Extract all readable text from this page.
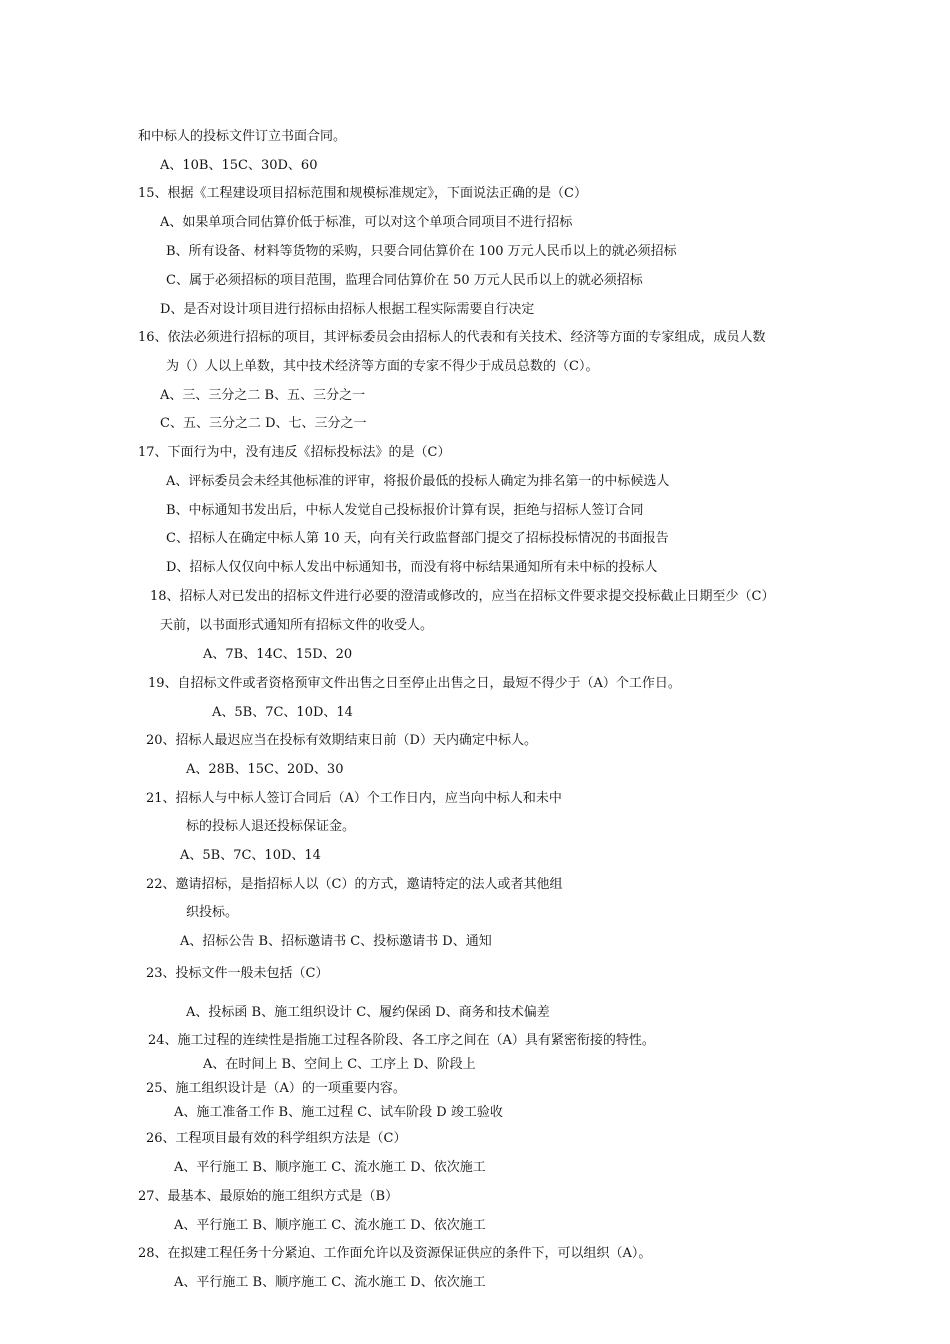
和中标人的投标文件订立书面合同。
A、10B、15C、30D、60
15、根据《工程建设项目招标范围和规模标准规定》，下面说法正确的是（C）
A、如果单项合同估算价低于标准，可以对这个单项合同项目不进行招标
B、所有设备、材料等货物的采购，只要合同估算价在 100 万元人民币以上的就必须招标
C、属于必须招标的项目范围，监理合同估算价在 50 万元人民币以上的就必须招标
D、是否对设计项目进行招标由招标人根据工程实际需要自行决定
16、依法必须进行招标的项目，其评标委员会由招标人的代表和有关技术、经济等方面的专家组成，成员人数
为（）人以上单数，其中技术经济等方面的专家不得少于成员总数的（C）。
A、三、三分之二 B、五、三分之一
C、五、三分之二 D、七、三分之一
17、下面行为中，没有违反《招标投标法》的是（C）
A、评标委员会未经其他标准的评审，将报价最低的投标人确定为排名第一的中标候选人
B、中标通知书发出后，中标人发觉自己投标报价计算有误，拒绝与招标人签订合同
C、招标人在确定中标人第 10 天，向有关行政监督部门提交了招标投标情况的书面报告
D、招标人仅仅向中标人发出中标通知书，而没有将中标结果通知所有未中标的投标人
18、招标人对已发出的招标文件进行必要的澄清或修改的，应当在招标文件要求提交投标截止日期至少（C）
天前，以书面形式通知所有招标文件的收受人。
A、7B、14C、15D、20
19、自招标文件或者资格预审文件出售之日至停止出售之日，最短不得少于（A）个工作日。
A、5B、7C、10D、14
20、招标人最迟应当在投标有效期结束日前（D）天内确定中标人。
A、28B、15C、20D、30
21、招标人与中标人签订合同后（A）个工作日内，应当向中标人和未中
标的投标人退还投标保证金。
A、5B、7C、10D、14
22、邀请招标，是指招标人以（C）的方式，邀请特定的法人或者其他组
织投标。
A、招标公告 B、招标邀请书 C、投标邀请书 D、通知
23、投标文件一般未包括（C）
A、投标函 B、施工组织设计 C、履约保函 D、商务和技术偏差
24、施工过程的连续性是指施工过程各阶段、各工序之间在（A）具有紧密衔接的特性。
A、在时间上 B、空间上 C、工序上 D、阶段上
25、施工组织设计是（A）的一项重要内容。
A、施工准备工作 B、施工过程 C、试车阶段 D 竣工验收
26、工程项目最有效的科学组织方法是（C）
A、平行施工 B、顺序施工 C、流水施工 D、依次施工
27、最基本、最原始的施工组织方式是（B）
A、平行施工 B、顺序施工 C、流水施工 D、依次施工
28、在拟建工程任务十分紧迫、工作面允许以及资源保证供应的条件下，可以组织（A）。
A、平行施工 B、顺序施工 C、流水施工 D、依次施工
